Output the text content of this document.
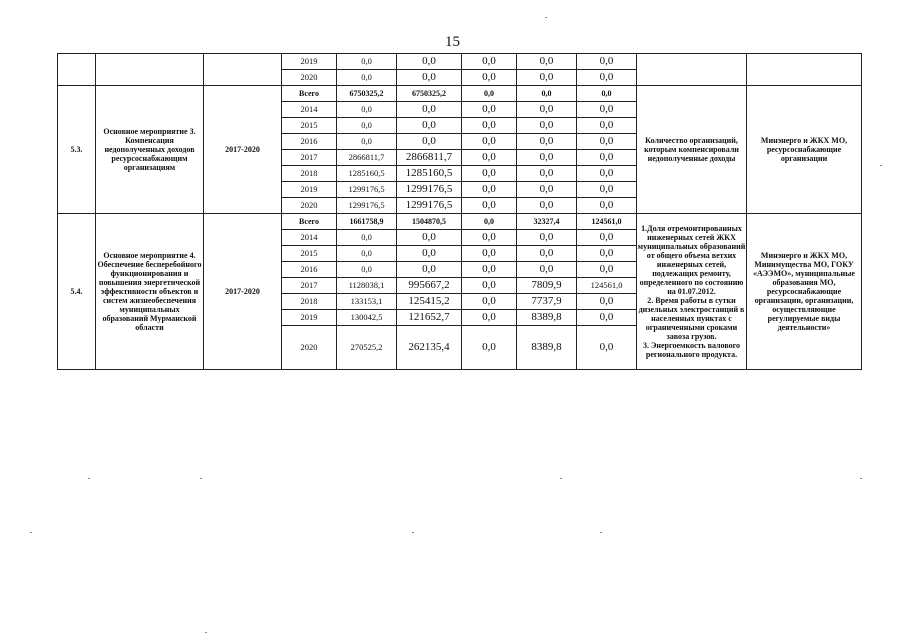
15
			2019	0,0	0,0	0,0	0,0	0,0		
			2020	0,0	0,0	0,0	0,0	0,0		
5.3.	Основное мероприятие 3. Компенсация недополученных доходов ресурсоснабжающим организациям	2017-2020	Всего	6750325,2	6750325,2	0,0	0,0	0,0	Количество организаций, которым компенсировали недополученные доходы	Минэнерго и ЖКХ МО, ресурсоснабжающие организации
			2014	0,0	0,0	0,0	0,0	0,0		
			2015	0,0	0,0	0,0	0,0	0,0		
			2016	0,0	0,0	0,0	0,0	0,0		
			2017	2866811,7	2866811,7	0,0	0,0	0,0		
			2018	1285160,5	1285160,5	0,0	0,0	0,0		
			2019	1299176,5	1299176,5	0,0	0,0	0,0		
			2020	1299176,5	1299176,5	0,0	0,0	0,0		
5.4.	Основное мероприятие 4. Обеспечение бесперебойного функционирования и повышения энергетической эффективности объектов и систем жизнеобеспечения муниципальных образований Мурманской области	2017-2020	Всего	1661758,9	1504870,5	0,0	32327,4	124561,0	1.Доля отремонтированных инженерных сетей ЖКХ муниципальных образований от общего объема ветхих инженерных сетей, подлежащих ремонту, определенного по состоянию на 01.07.2012.
2. Время работы в сутки дизельных электростанций в населенных пунктах с ограниченными сроками завоза грузов.
3. Энергоемкость валового регионального продукта.	Минэнерго и ЖКХ МО, Минимущества МО, ГОКУ «АЭЭМО», муниципальные образования МО, ресурсоснабжающие организации, организации, осуществляющие регулируемые виды деятельности»
			2014	0,0	0,0	0,0	0,0	0,0		
			2015	0,0	0,0	0,0	0,0	0,0		
			2016	0,0	0,0	0,0	0,0	0,0		
			2017	1128038,1	995667,2	0,0	7809,9	124561,0		
			2018	133153,1	125415,2	0,0	7737,9	0,0		
			2019	130042,5	121652,7	0,0	8389,8	0,0		
			2020	270525,2	262135,4	0,0	8389,8	0,0		
